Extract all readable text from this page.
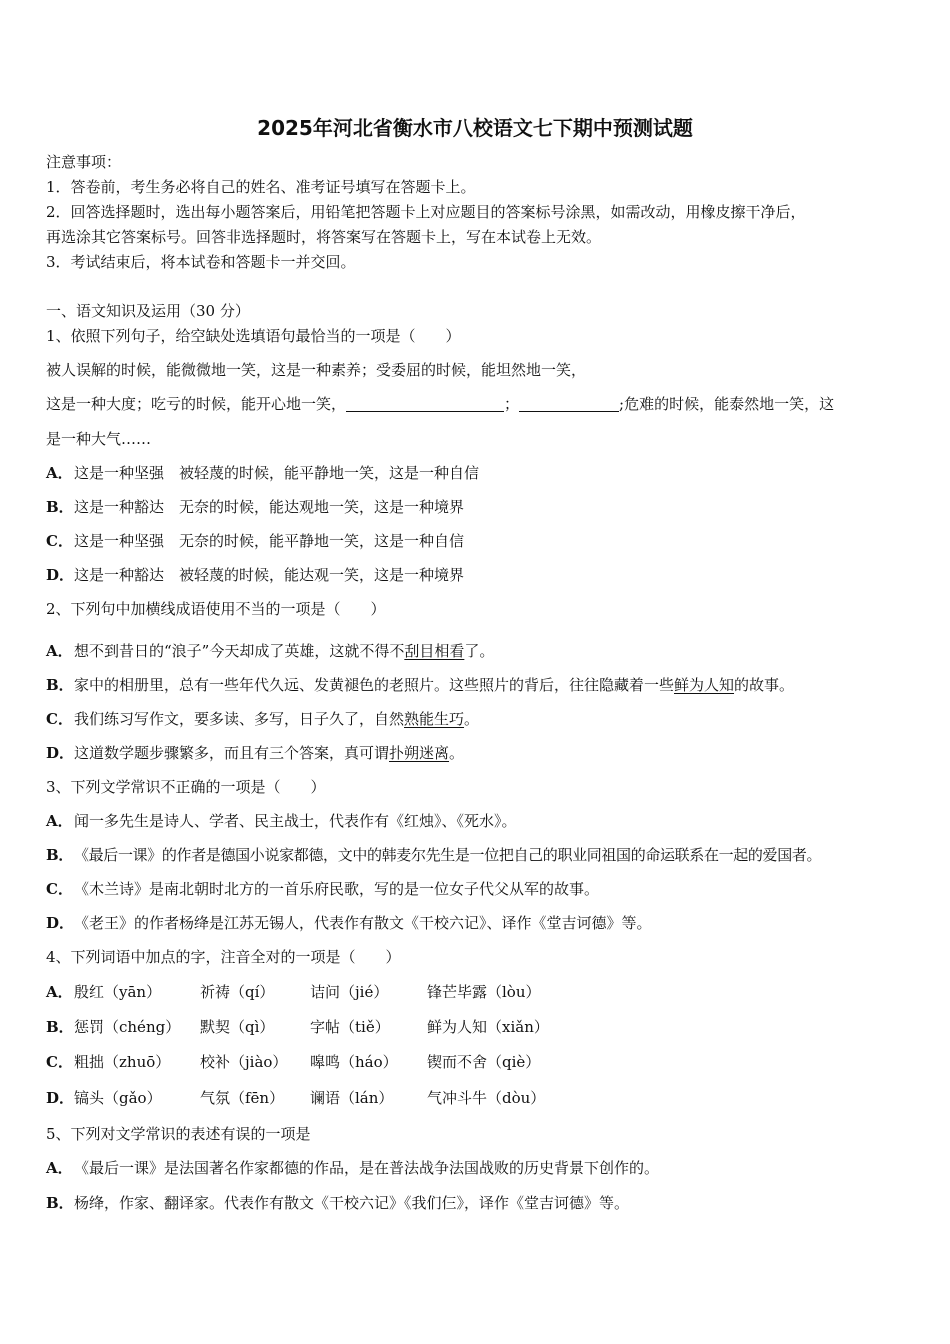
2025年河北省衡水市八校语文七下期中预测试题
注意事项：
1．答卷前，考生务必将自己的姓名、准考证号填写在答题卡上。
2．回答选择题时，选出每小题答案后，用铅笔把答题卡上对应题目的答案标号涂黑，如需改动，用橡皮擦干净后，
再选涂其它答案标号。回答非选择题时，将答案写在答题卡上，写在本试卷上无效。
3．考试结束后，将本试卷和答题卡一并交回。
一、语文知识及运用（30 分）
1、依照下列句子，给空缺处选填语句最恰当的一项是（　　）
被人误解的时候，能微微地一笑，这是一种素养；受委屈的时候，能坦然地一笑，
这是一种大度；吃亏的时候，能开心地一笑，	；	;危难的时候，能泰然地一笑，这
是一种大气……
A．这是一种坚强　被轻蔑的时候，能平静地一笑，这是一种自信
B．这是一种豁达　无奈的时候，能达观地一笑，这是一种境界
C．这是一种坚强　无奈的时候，能平静地一笑，这是一种自信
D．这是一种豁达　被轻蔑的时候，能达观一笑，这是一种境界
2、下列句中加横线成语使用不当的一项是（　　）
A．想不到昔日的“浪子”今天却成了英雄，这就不得不刮目相看了。
B．家中的相册里，总有一些年代久远、发黄褪色的老照片。这些照片的背后，往往隐藏着一些鲜为人知的故事。
C．我们练习写作文，要多读、多写，日子久了，自然熟能生巧。
D．这道数学题步骤繁多，而且有三个答案，真可谓扑朔迷离。
3、下列文学常识不正确的一项是（　　）
A．闻一多先生是诗人、学者、民主战士，代表作有《红烛》、《死水》。
B．《最后一课》的作者是德国小说家都德，文中的韩麦尔先生是一位把自己的职业同祖国的命运联系在一起的爱国者。
C．《木兰诗》是南北朝时北方的一首乐府民歌，写的是一位女子代父从军的故事。
D．《老王》的作者杨绛是江苏无锡人，代表作有散文《干校六记》、译作《堂吉诃德》等。
4、下列词语中加点的字，注音全对的一项是（　　）
A．殷红（yān）	祈祷（qí） 诘问（jié）	锋芒毕露（lòu）
B．惩罚（chéng） 默契（qì） 字帖（tiě） 鲜为人知（xiǎn）
C．粗拙（zhuō） 校补（jiào） 嗥鸣（háo） 锲而不舍（qiè）
D．镐头（gǎo）	气氛（fēn） 谰语（lán） 气冲斗牛（dòu）
5、下列对文学常识的表述有误的一项是
A．《最后一课》是法国著名作家都德的作品，是在普法战争法国战败的历史背景下创作的。
B．杨绛，作家、翻译家。代表作有散文《干校六记》《我们仨》，译作《堂吉诃德》等。
